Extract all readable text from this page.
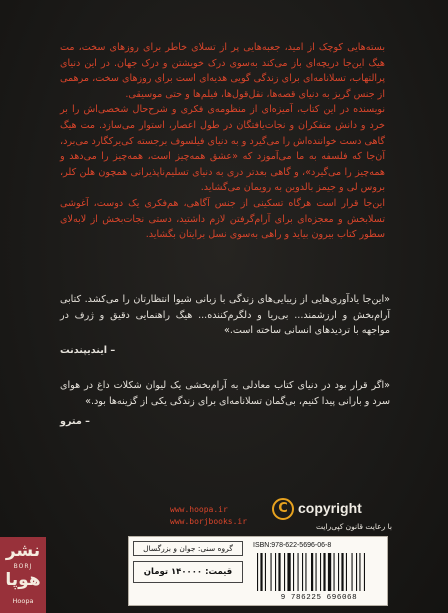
بسته‌هایی کوچک از امید، جعبه‌هایی پر از تسلای خاطر برای روزهای سخت، مت هیگ این‌جا دریچه‌ای باز می‌کند به‌سوی درک خویشتن و درک جهان. در این دنیای پرالتهاب، تسلانامه‌ای برای زندگی گویی هدیه‌ای است برای روزهای سخت، مرهمی از جنس گریز به دنیای قصه‌ها، نقل‌قول‌ها، فیلم‌ها و حتی موسیقی.

نویسنده در این کتاب، آمیزه‌ای از منظومه‌ی فکری و شرح‌حال شخصی‌اش را بر خرد و دانش متفکران و نجات‌یافتگان در طول اعصار، استوار می‌سازد. مت هیگ گاهی دست خواننده‌اش را می‌گیرد و به دنیای فیلسوف برجسته کی‌یرکگارد می‌برد، آن‌جا که فلسفه به ما می‌آموزد که «عشق همه‌چیز است، همه‌چیز را می‌دهد و همه‌چیز را می‌گیرد»، و گاهی بعدتر دری به دنیای تسلیم‌ناپذیرانی همچون هلن کلر، بروس لی و جیمز بالدوین به رویمان می‌گشاید.

این‌جا قرار است هرگاه تسکینی از جنس آگاهی، هم‌فکری یک دوست، آغوشی تسلابخش و معجزه‌ای برای آرام‌گرفتن لازم داشتید، دستی نجات‌بخش از لابه‌لای سطور کتاب بیرون بیاید و راهی به‌سوی نسل برایتان بگشاید.

«این‌جا یادآوری‌هایی از زیبایی‌های زندگی با زبانی شیوا انتظارتان را می‌کشد. کتابی آرام‌بخش و ارزشمند... بی‌ریا و دلگرم‌کننده... هیگ راهنمایی دقیق و ژرف در مواجهه با تردیدهای انسانی ساخته است.»

– ایندیپندنت

«اگر قرار بود در دنیای کتاب معادلی به آرام‌بخشی یک لیوان شکلات داغ در هوای سرد و بارانی پیدا کنیم، بی‌گمان تسلانامه‌ای برای زندگی یکی از گزینه‌ها بود.»

– مترو

www.hoopa.ir
www.borjbooks.ir
C copyright
با رعایت قانون کپی‌رایت
گروه سنی: جوان و بزرگسال
قیمت: ۱۴۰۰۰۰ تومان
ISBN:978-622-5696-06-8
9 786225 696068
نشر
BORJ
هوپا
Hoopa
